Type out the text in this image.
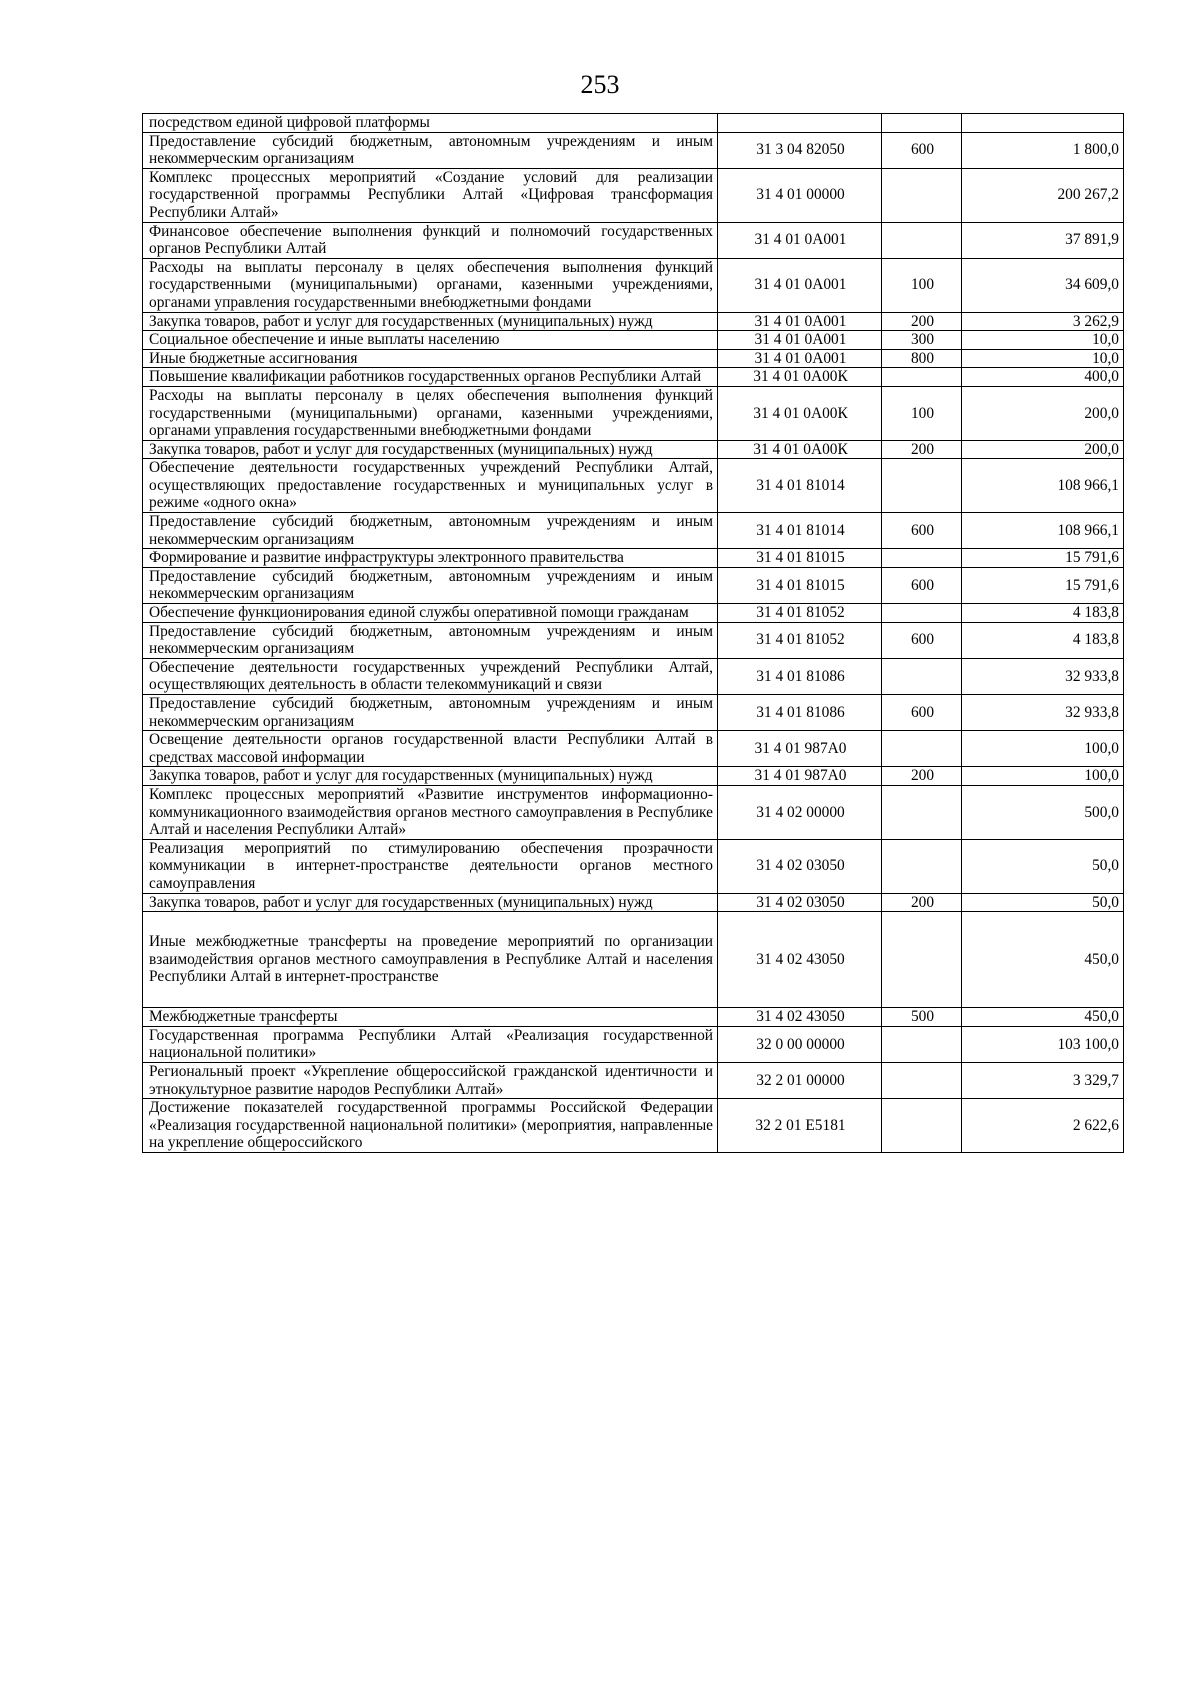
253
посредством единой цифровой платформы			
Предоставление субсидий бюджетным, автономным учреждениям и иным некоммерческим организациям	31 3 04 82050	600	1 800,0
Комплекс процессных мероприятий «Создание условий для реализации государственной программы Республики Алтай «Цифровая трансформация Республики Алтай»	31 4 01 00000		200 267,2
Финансовое обеспечение выполнения функций и полномочий государственных органов Республики Алтай	31 4 01 0А001		37 891,9
Расходы на выплаты персоналу в целях обеспечения выполнения функций государственными (муниципальными) органами, казенными учреждениями, органами управления государственными внебюджетными фондами	31 4 01 0А001	100	34 609,0
Закупка товаров, работ и услуг для государственных (муниципальных) нужд	31 4 01 0А001	200	3 262,9
Социальное обеспечение и иные выплаты населению	31 4 01 0А001	300	10,0
Иные бюджетные ассигнования	31 4 01 0А001	800	10,0
Повышение квалификации работников государственных органов Республики Алтай	31 4 01 0А00К		400,0
Расходы на выплаты персоналу в целях обеспечения выполнения функций государственными (муниципальными) органами, казенными учреждениями, органами управления государственными внебюджетными фондами	31 4 01 0А00К	100	200,0
Закупка товаров, работ и услуг для государственных (муниципальных) нужд	31 4 01 0А00К	200	200,0
Обеспечение деятельности государственных учреждений Республики Алтай, осуществляющих предоставление государственных и муниципальных услуг в режиме «одного окна»	31 4 01 81014		108 966,1
Предоставление субсидий бюджетным, автономным учреждениям и иным некоммерческим организациям	31 4 01 81014	600	108 966,1
Формирование и развитие инфраструктуры электронного правительства	31 4 01 81015		15 791,6
Предоставление субсидий бюджетным, автономным учреждениям и иным некоммерческим организациям	31 4 01 81015	600	15 791,6
Обеспечение функционирования единой службы оперативной помощи гражданам	31 4 01 81052		4 183,8
Предоставление субсидий бюджетным, автономным учреждениям и иным некоммерческим организациям	31 4 01 81052	600	4 183,8
Обеспечение деятельности государственных учреждений Республики Алтай, осуществляющих деятельность в области телекоммуникаций и связи	31 4 01 81086		32 933,8
Предоставление субсидий бюджетным, автономным учреждениям и иным некоммерческим организациям	31 4 01 81086	600	32 933,8
Освещение деятельности органов государственной власти Республики Алтай в средствах массовой информации	31 4 01 987А0		100,0
Закупка товаров, работ и услуг для государственных (муниципальных) нужд	31 4 01 987А0	200	100,0
Комплекс процессных мероприятий «Развитие инструментов информационно-коммуникационного взаимодействия органов местного самоуправления в Республике Алтай и населения Республики Алтай»	31 4 02 00000		500,0
Реализация мероприятий по стимулированию обеспечения прозрачности коммуникации в интернет-пространстве деятельности органов местного самоуправления	31 4 02 03050		50,0
Закупка товаров, работ и услуг для государственных (муниципальных) нужд	31 4 02 03050	200	50,0
Иные межбюджетные трансферты на проведение мероприятий по организации взаимодействия органов местного самоуправления в Республике Алтай и населения Республики Алтай в интернет-пространстве	31 4 02 43050		450,0
Межбюджетные трансферты	31 4 02 43050	500	450,0
Государственная программа Республики Алтай «Реализация государственной национальной политики»	32 0 00 00000		103 100,0
Региональный проект «Укрепление общероссийской гражданской идентичности и этнокультурное развитие народов Республики Алтай»	32 2 01 00000		3 329,7
Достижение показателей государственной программы Российской Федерации «Реализация государственной национальной политики» (мероприятия, направленные на укрепление общероссийского	32 2 01 Е5181		2 622,6
